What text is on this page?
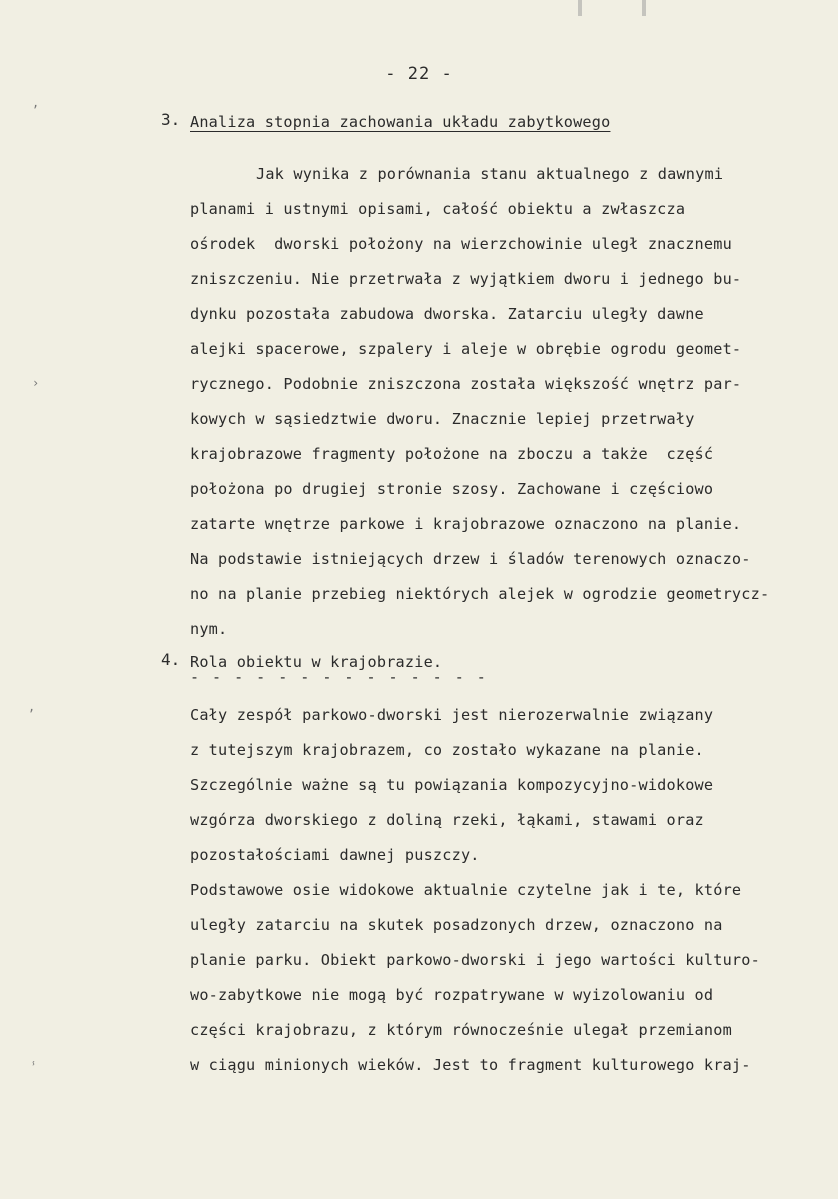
- 22 -
3. Analiza stopnia zachowania układu zabytkowego
Jak wynika z porównania stanu aktualnego z dawnymi
planami i ustnymi opisami, całość obiektu a zwłaszcza
ośrodek  dworski położony na wierzchowinie uległ znacznemu
zniszczeniu. Nie przetrwała z wyjątkiem dworu i jednego bu-
dynku pozostała zabudowa dworska. Zatarciu uległy dawne
alejki spacerowe, szpalery i aleje w obrębie ogrodu geomet-
rycznego. Podobnie zniszczona została większość wnętrz par-
kowych w sąsiedztwie dworu. Znacznie lepiej przetrwały
krajobrazowe fragmenty położone na zboczu a także  część
położona po drugiej stronie szosy. Zachowane i częściowo
zatarte wnętrze parkowe i krajobrazowe oznaczono na planie.
Na podstawie istniejących drzew i śladów terenowych oznaczo-
no na planie przebieg niektórych alejek w ogrodzie geometrycz-
nym.
4. Rola obiektu w krajobrazie.
- - - - - - - - - - - - - -
Cały zespół parkowo-dworski jest nierozerwalnie związany
z tutejszym krajobrazem, co zostało wykazane na planie.
Szczególnie ważne są tu powiązania kompozycyjno-widokowe
wzgórza dworskiego z doliną rzeki, łąkami, stawami oraz
pozostałościami dawnej puszczy.
Podstawowe osie widokowe aktualnie czytelne jak i te, które
uległy zatarciu na skutek posadzonych drzew, oznaczono na
planie parku. Obiekt parkowo-dworski i jego wartości kulturo-
wo-zabytkowe nie mogą być rozpatrywane w wyizolowaniu od
części krajobrazu, z którym równocześnie ulegał przemianom
w ciągu minionych wieków. Jest to fragment kulturowego kraj-
,
›
‚
ⸯ
